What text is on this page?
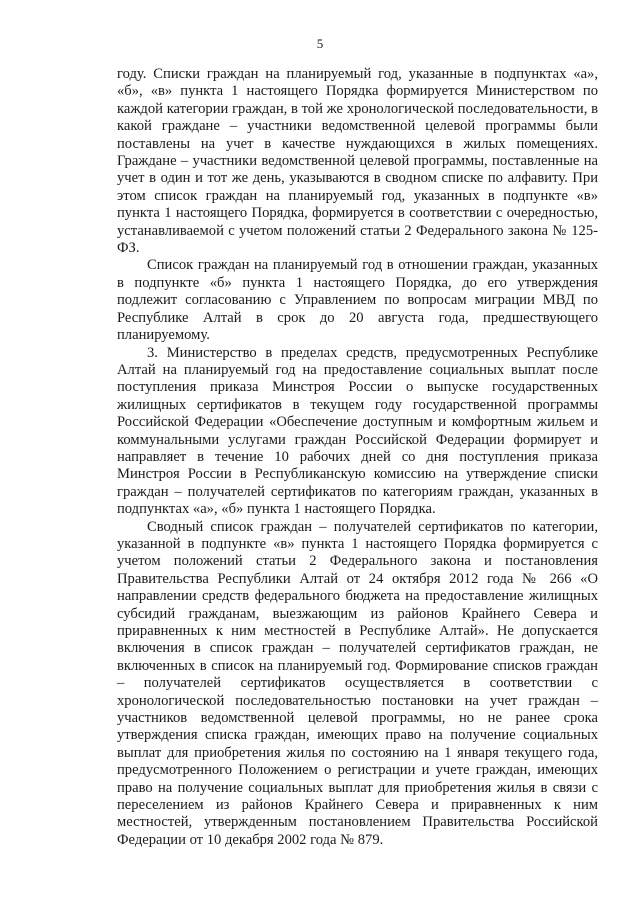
5

году. Списки граждан на планируемый год, указанные в подпунктах «а», «б», «в» пункта 1 настоящего Порядка формируется Министерством по каждой категории граждан, в той же хронологической последовательности, в какой граждане – участники ведомственной целевой программы были поставлены на учет в качестве нуждающихся в жилых помещениях. Граждане – участники ведомственной целевой программы, поставленные на учет в один и тот же день, указываются в сводном списке по алфавиту. При этом список граждан на планируемый год, указанных в подпункте «в» пункта 1 настоящего Порядка, формируется в соответствии с очередностью, устанавливаемой с учетом положений статьи 2 Федерального закона № 125-ФЗ.

Список граждан на планируемый год в отношении граждан, указанных в подпункте «б» пункта 1 настоящего Порядка, до его утверждения подлежит согласованию с Управлением по вопросам миграции МВД по Республике Алтай в срок до 20 августа года, предшествующего планируемому.

3. Министерство в пределах средств, предусмотренных Республике Алтай на планируемый год на предоставление социальных выплат после поступления приказа Минстроя России о выпуске государственных жилищных сертификатов в текущем году государственной программы Российской Федерации «Обеспечение доступным и комфортным жильем и коммунальными услугами граждан Российской Федерации формирует и направляет в течение 10 рабочих дней со дня поступления приказа Минстроя России в Республиканскую комиссию на утверждение списки граждан – получателей сертификатов по категориям граждан, указанных в подпунктах «а», «б» пункта 1 настоящего Порядка.

Сводный список граждан – получателей сертификатов по категории, указанной в подпункте «в» пункта 1 настоящего Порядка формируется с учетом положений статьи 2 Федерального закона и постановления Правительства Республики Алтай от 24 октября 2012 года № 266 «О направлении средств федерального бюджета на предоставление жилищных субсидий гражданам, выезжающим из районов Крайнего Севера и приравненных к ним местностей в Республике Алтай». Не допускается включения в список граждан – получателей сертификатов граждан, не включенных в список на планируемый год. Формирование списков граждан – получателей сертификатов осуществляется в соответствии с хронологической последовательностью постановки на учет граждан – участников ведомственной целевой программы, но не ранее срока утверждения списка граждан, имеющих право на получение социальных выплат для приобретения жилья по состоянию на 1 января текущего года, предусмотренного Положением о регистрации и учете граждан, имеющих право на получение социальных выплат для приобретения жилья в связи с переселением из районов Крайнего Севера и приравненных к ним местностей, утвержденным постановлением Правительства Российской Федерации от 10 декабря 2002 года № 879.
